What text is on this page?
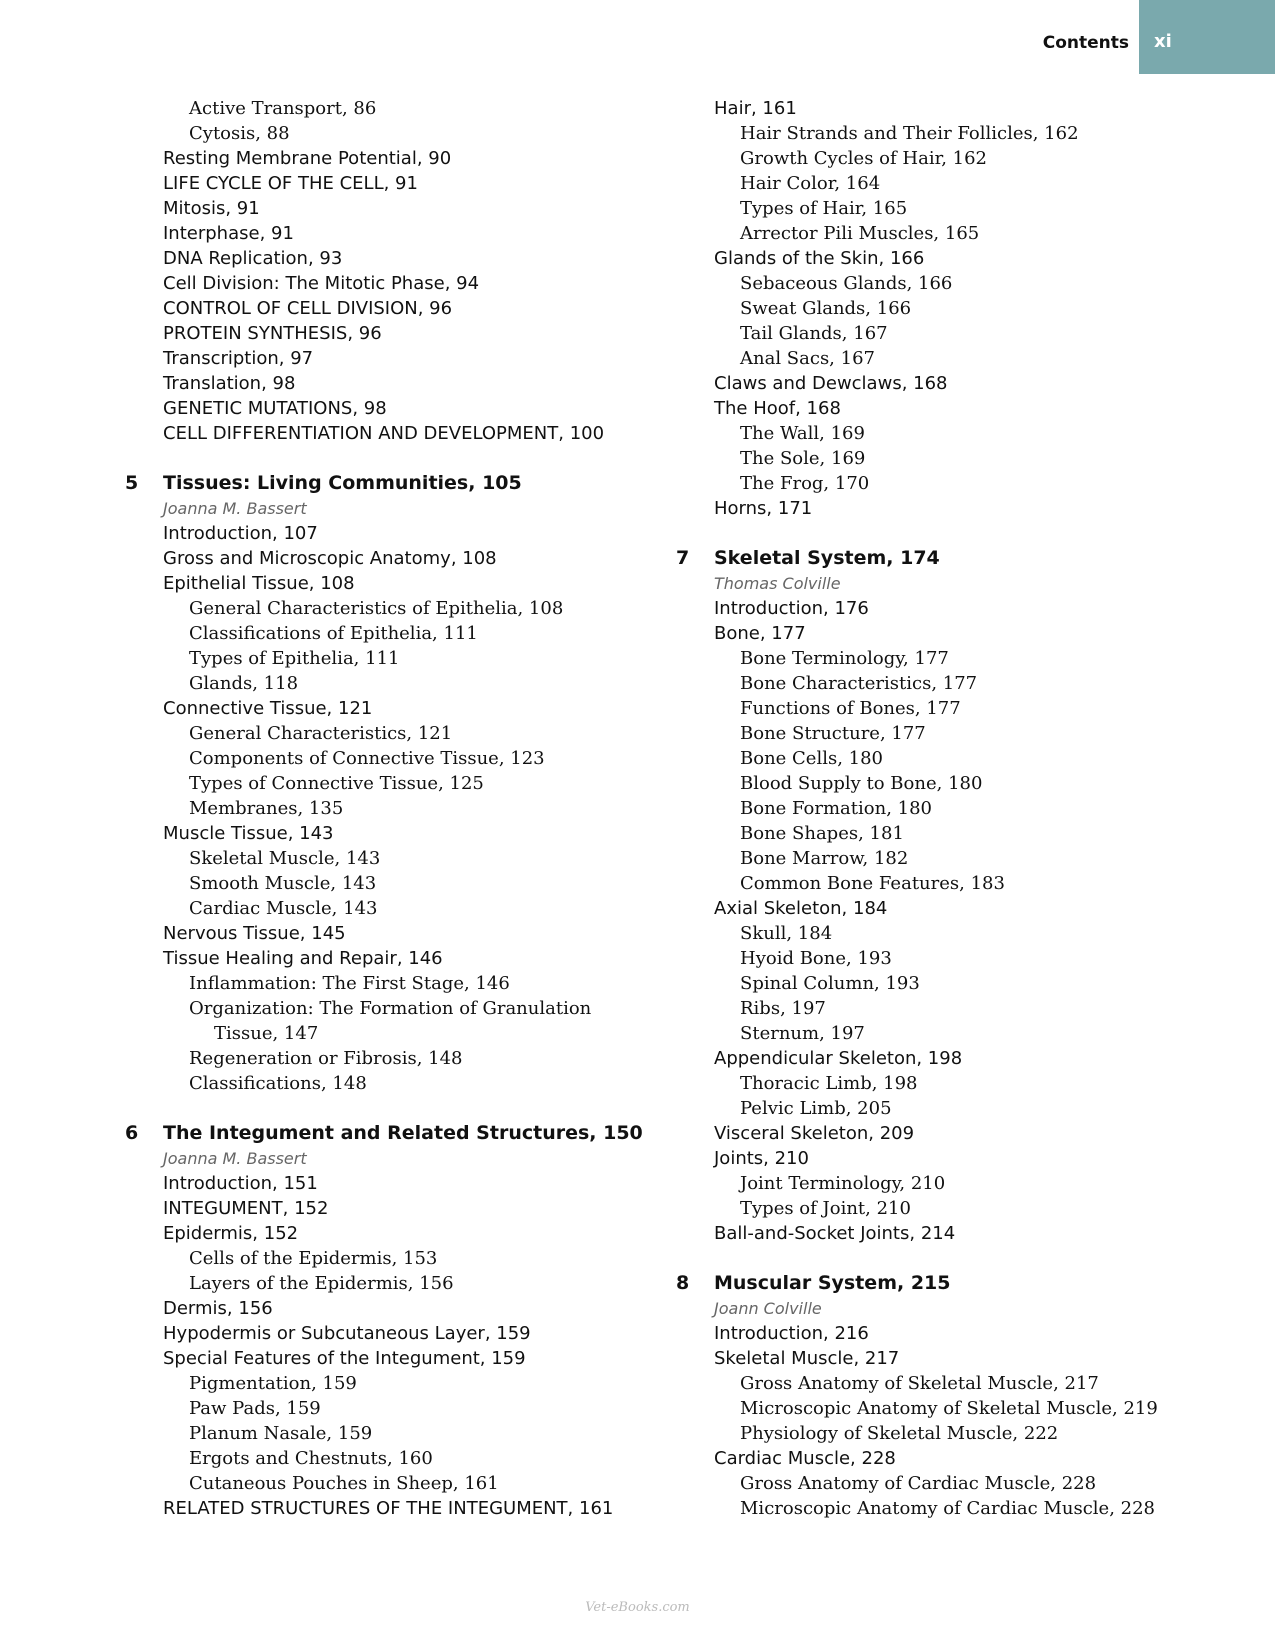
Contents xi
Active Transport, 86
Cytosis, 88
Resting Membrane Potential, 90
LIFE CYCLE OF THE CELL, 91
Mitosis, 91
Interphase, 91
DNA Replication, 93
Cell Division: The Mitotic Phase, 94
CONTROL OF CELL DIVISION, 96
PROTEIN SYNTHESIS, 96
Transcription, 97
Translation, 98
GENETIC MUTATIONS, 98
CELL DIFFERENTIATION AND DEVELOPMENT, 100
5 Tissues: Living Communities, 105
Joanna M. Bassert
Introduction, 107
Gross and Microscopic Anatomy, 108
Epithelial Tissue, 108
General Characteristics of Epithelia, 108
Classifications of Epithelia, 111
Types of Epithelia, 111
Glands, 118
Connective Tissue, 121
General Characteristics, 121
Components of Connective Tissue, 123
Types of Connective Tissue, 125
Membranes, 135
Muscle Tissue, 143
Skeletal Muscle, 143
Smooth Muscle, 143
Cardiac Muscle, 143
Nervous Tissue, 145
Tissue Healing and Repair, 146
Inflammation: The First Stage, 146
Organization: The Formation of Granulation
Tissue, 147
Regeneration or Fibrosis, 148
Classifications, 148
6 The Integument and Related Structures, 150
Joanna M. Bassert
Introduction, 151
INTEGUMENT, 152
Epidermis, 152
Cells of the Epidermis, 153
Layers of the Epidermis, 156
Dermis, 156
Hypodermis or Subcutaneous Layer, 159
Special Features of the Integument, 159
Pigmentation, 159
Paw Pads, 159
Planum Nasale, 159
Ergots and Chestnuts, 160
Cutaneous Pouches in Sheep, 161
RELATED STRUCTURES OF THE INTEGUMENT, 161
Hair, 161
Hair Strands and Their Follicles, 162
Growth Cycles of Hair, 162
Hair Color, 164
Types of Hair, 165
Arrector Pili Muscles, 165
Glands of the Skin, 166
Sebaceous Glands, 166
Sweat Glands, 166
Tail Glands, 167
Anal Sacs, 167
Claws and Dewclaws, 168
The Hoof, 168
The Wall, 169
The Sole, 169
The Frog, 170
Horns, 171
7 Skeletal System, 174
Thomas Colville
Introduction, 176
Bone, 177
Bone Terminology, 177
Bone Characteristics, 177
Functions of Bones, 177
Bone Structure, 177
Bone Cells, 180
Blood Supply to Bone, 180
Bone Formation, 180
Bone Shapes, 181
Bone Marrow, 182
Common Bone Features, 183
Axial Skeleton, 184
Skull, 184
Hyoid Bone, 193
Spinal Column, 193
Ribs, 197
Sternum, 197
Appendicular Skeleton, 198
Thoracic Limb, 198
Pelvic Limb, 205
Visceral Skeleton, 209
Joints, 210
Joint Terminology, 210
Types of Joint, 210
Ball-and-Socket Joints, 214
8 Muscular System, 215
Joann Colville
Introduction, 216
Skeletal Muscle, 217
Gross Anatomy of Skeletal Muscle, 217
Microscopic Anatomy of Skeletal Muscle, 219
Physiology of Skeletal Muscle, 222
Cardiac Muscle, 228
Gross Anatomy of Cardiac Muscle, 228
Microscopic Anatomy of Cardiac Muscle, 228
Vet-eBooks.com
